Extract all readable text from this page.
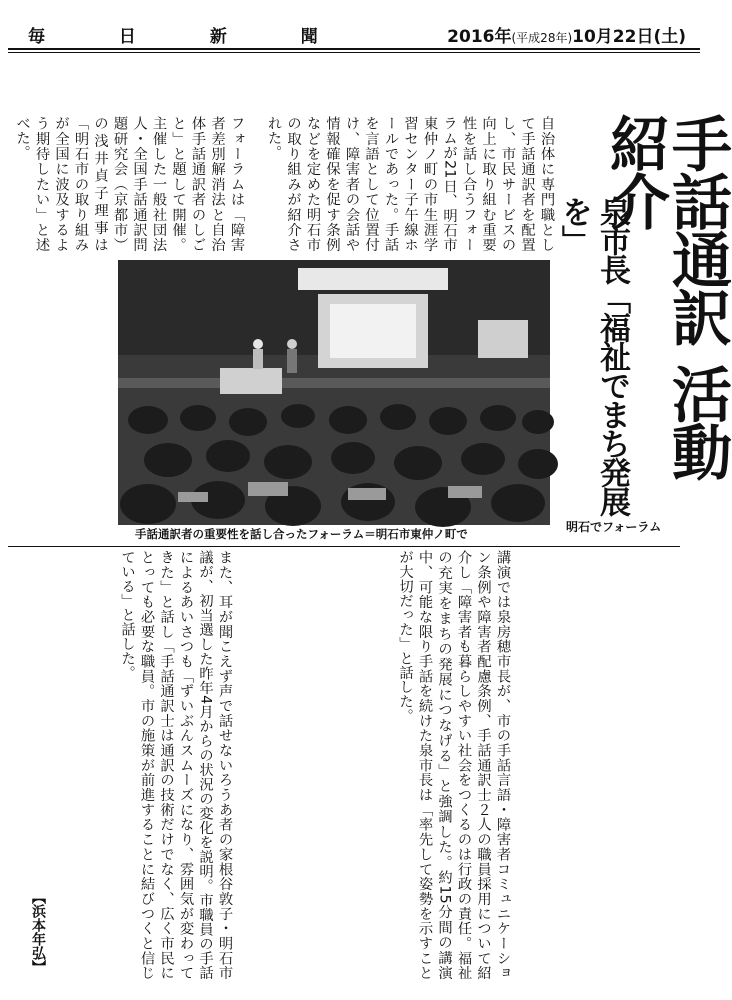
毎 日 新 聞	2016年(平成28年)10月22日(土)
手話通訳 活動紹介
泉市長「福祉でまち発展を」
明石でフォーラム
自治体に専門職として手話通訳者を配置し、市民サービスの向上に取り組む重要性を話し合うフォーラムが21日、明石市東仲ノ町の市生涯学習センター子午線ホールであった。手話を言語として位置付け、障害者の会話や情報確保を促す条例などを定めた明石市の取り組みが紹介された。
フォーラムは「障害者差別解消法と自治体手話通訳者のしごと」と題して開催。主催した一般社団法人・全国手話通訳問題研究会（京都市）の浅井貞子理事は「明石市の取り組みが全国に波及するよう期待したい」と述べた。
手話通訳者の重要性を話し合ったフォーラム＝明石市東仲ノ町で
講演では泉房穂市長が、市の手話言語・障害者コミュニケーション条例や障害者配慮条例、手話通訳士２人の職員採用について紹介し「障害者も暮らしやすい社会をつくるのは行政の責任。福祉の充実をまちの発展につなげる」と強調した。約15分間の講演中、可能な限り手話を続けた泉市長は「率先して姿勢を示すことが大切だった」と話した。
また、耳が聞こえず声で話せないろうあ者の家根谷敦子・明石市議が、初当選した昨年4月からの状況の変化を説明。市職員の手話によるあいさつも「ずいぶんスムーズになり、雰囲気が変わってきた」と話し「手話通訳士は通訳の技術だけでなく、広く市民にとっても必要な職員。市の施策が前進することに結びつくと信じている」と話した。
【浜本年弘】
